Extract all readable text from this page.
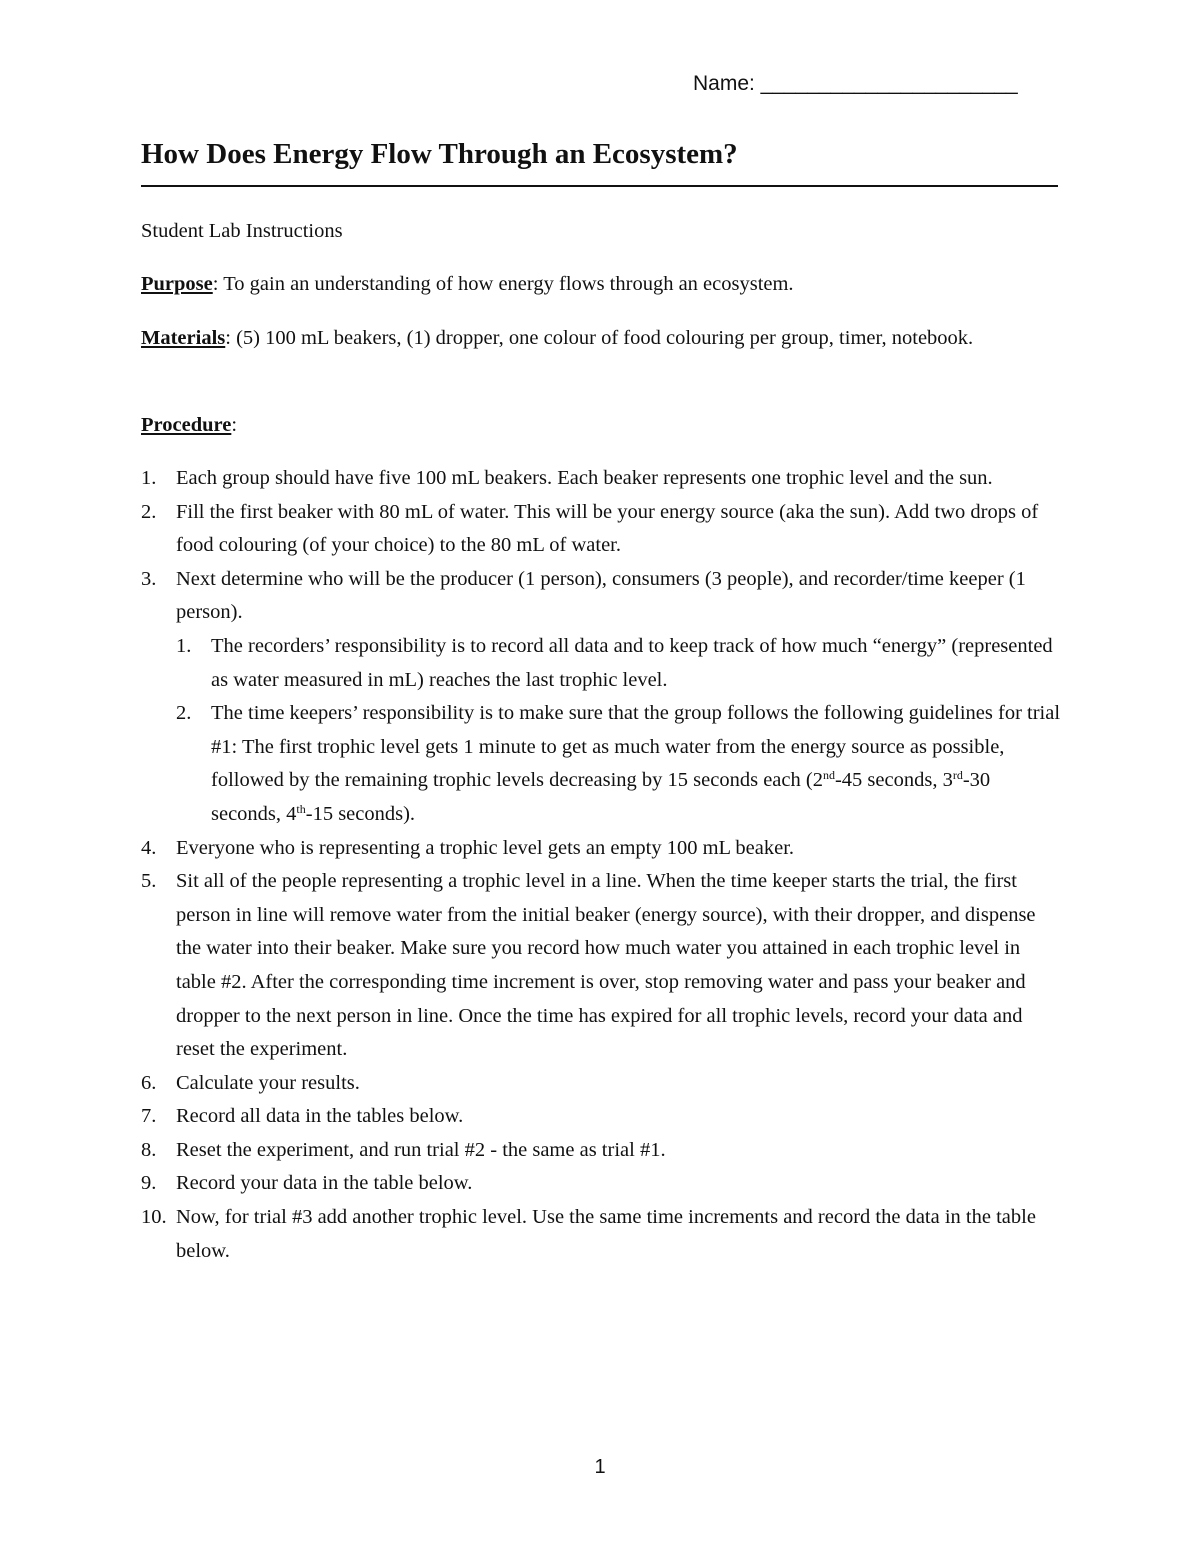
Name: ______________________
How Does Energy Flow Through an Ecosystem?
Student Lab Instructions
Purpose: To gain an understanding of how energy flows through an ecosystem.
Materials: (5) 100 mL beakers, (1) dropper, one colour of food colouring per group, timer, notebook.
Procedure:
1. Each group should have five 100 mL beakers. Each beaker represents one trophic level and the sun.
2. Fill the first beaker with 80 mL of water. This will be your energy source (aka the sun). Add two drops of food colouring (of your choice) to the 80 mL of water.
3. Next determine who will be the producer (1 person), consumers (3 people), and recorder/time keeper (1 person).
1. The recorders’ responsibility is to record all data and to keep track of how much “energy” (represented as water measured in mL) reaches the last trophic level.
2. The time keepers’ responsibility is to make sure that the group follows the following guidelines for trial #1: The first trophic level gets 1 minute to get as much water from the energy source as possible, followed by the remaining trophic levels decreasing by 15 seconds each (2nd-45 seconds, 3rd-30 seconds, 4th-15 seconds).
4. Everyone who is representing a trophic level gets an empty 100 mL beaker.
5. Sit all of the people representing a trophic level in a line. When the time keeper starts the trial, the first person in line will remove water from the initial beaker (energy source), with their dropper, and dispense the water into their beaker. Make sure you record how much water you attained in each trophic level in table #2. After the corresponding time increment is over, stop removing water and pass your beaker and dropper to the next person in line. Once the time has expired for all trophic levels, record your data and reset the experiment.
6. Calculate your results.
7. Record all data in the tables below.
8. Reset the experiment, and run trial #2 - the same as trial #1.
9. Record your data in the table below.
10. Now, for trial #3 add another trophic level. Use the same time increments and record the data in the table below.
1
